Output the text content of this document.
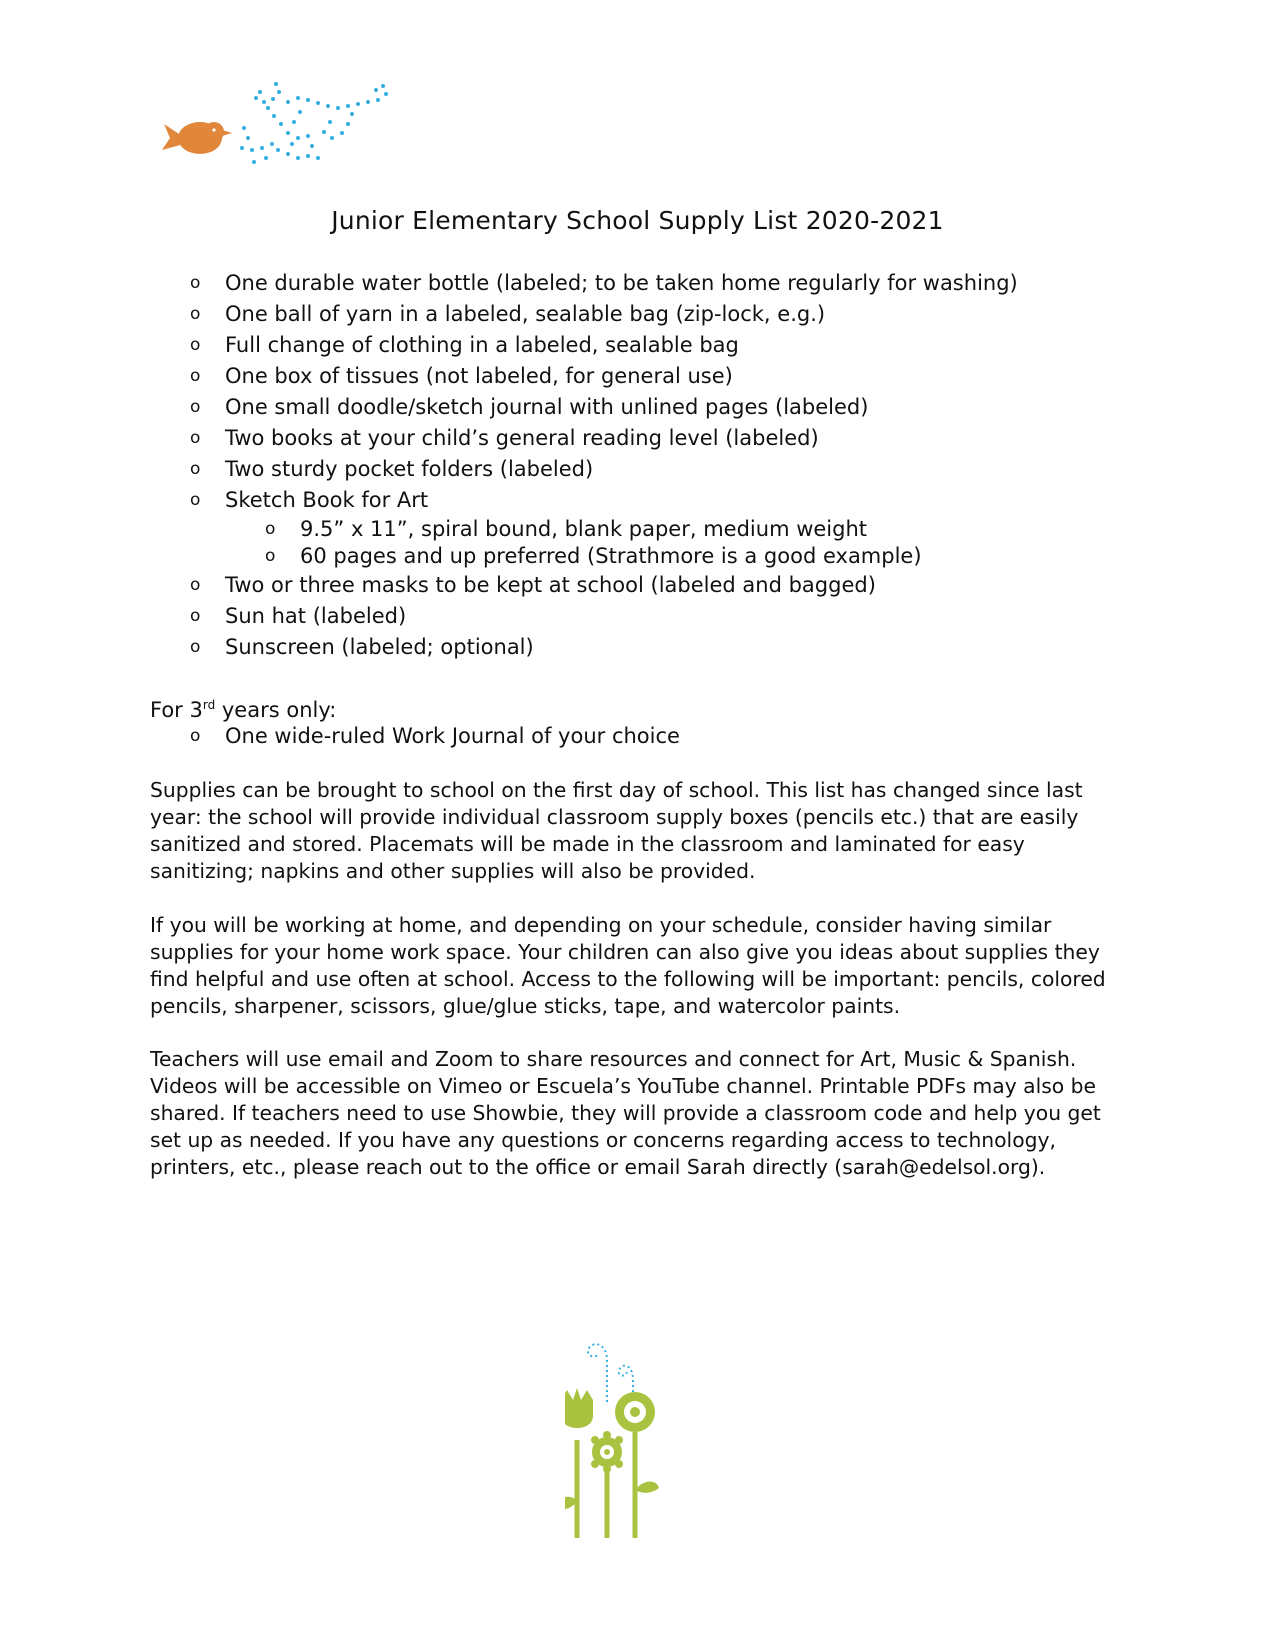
Junior Elementary School Supply List 2020-2021
o One durable water bottle (labeled; to be taken home regularly for washing)
o One ball of yarn in a labeled, sealable bag (zip-lock, e.g.)
o Full change of clothing in a labeled, sealable bag
o One box of tissues (not labeled, for general use)
o One small doodle/sketch journal with unlined pages (labeled)
o Two books at your child’s general reading level (labeled)
o Two sturdy pocket folders (labeled)
o Sketch Book for Art
o 9.5” x 11”, spiral bound, blank paper, medium weight
o 60 pages and up preferred (Strathmore is a good example)
o Two or three masks to be kept at school (labeled and bagged)
o Sun hat (labeled)
o Sunscreen (labeled; optional)
For 3rd years only:
o One wide-ruled Work Journal of your choice
Supplies can be brought to school on the first day of school. This list has changed since last year: the school will provide individual classroom supply boxes (pencils etc.) that are easily sanitized and stored. Placemats will be made in the classroom and laminated for easy sanitizing; napkins and other supplies will also be provided.
If you will be working at home, and depending on your schedule, consider having similar supplies for your home work space. Your children can also give you ideas about supplies they find helpful and use often at school. Access to the following will be important: pencils, colored pencils, sharpener, scissors, glue/glue sticks, tape, and watercolor paints.
Teachers will use email and Zoom to share resources and connect for Art, Music & Spanish. Videos will be accessible on Vimeo or Escuela’s YouTube channel. Printable PDFs may also be shared. If teachers need to use Showbie, they will provide a classroom code and help you get set up as needed. If you have any questions or concerns regarding access to technology, printers, etc., please reach out to the office or email Sarah directly (sarah@edelsol.org).
